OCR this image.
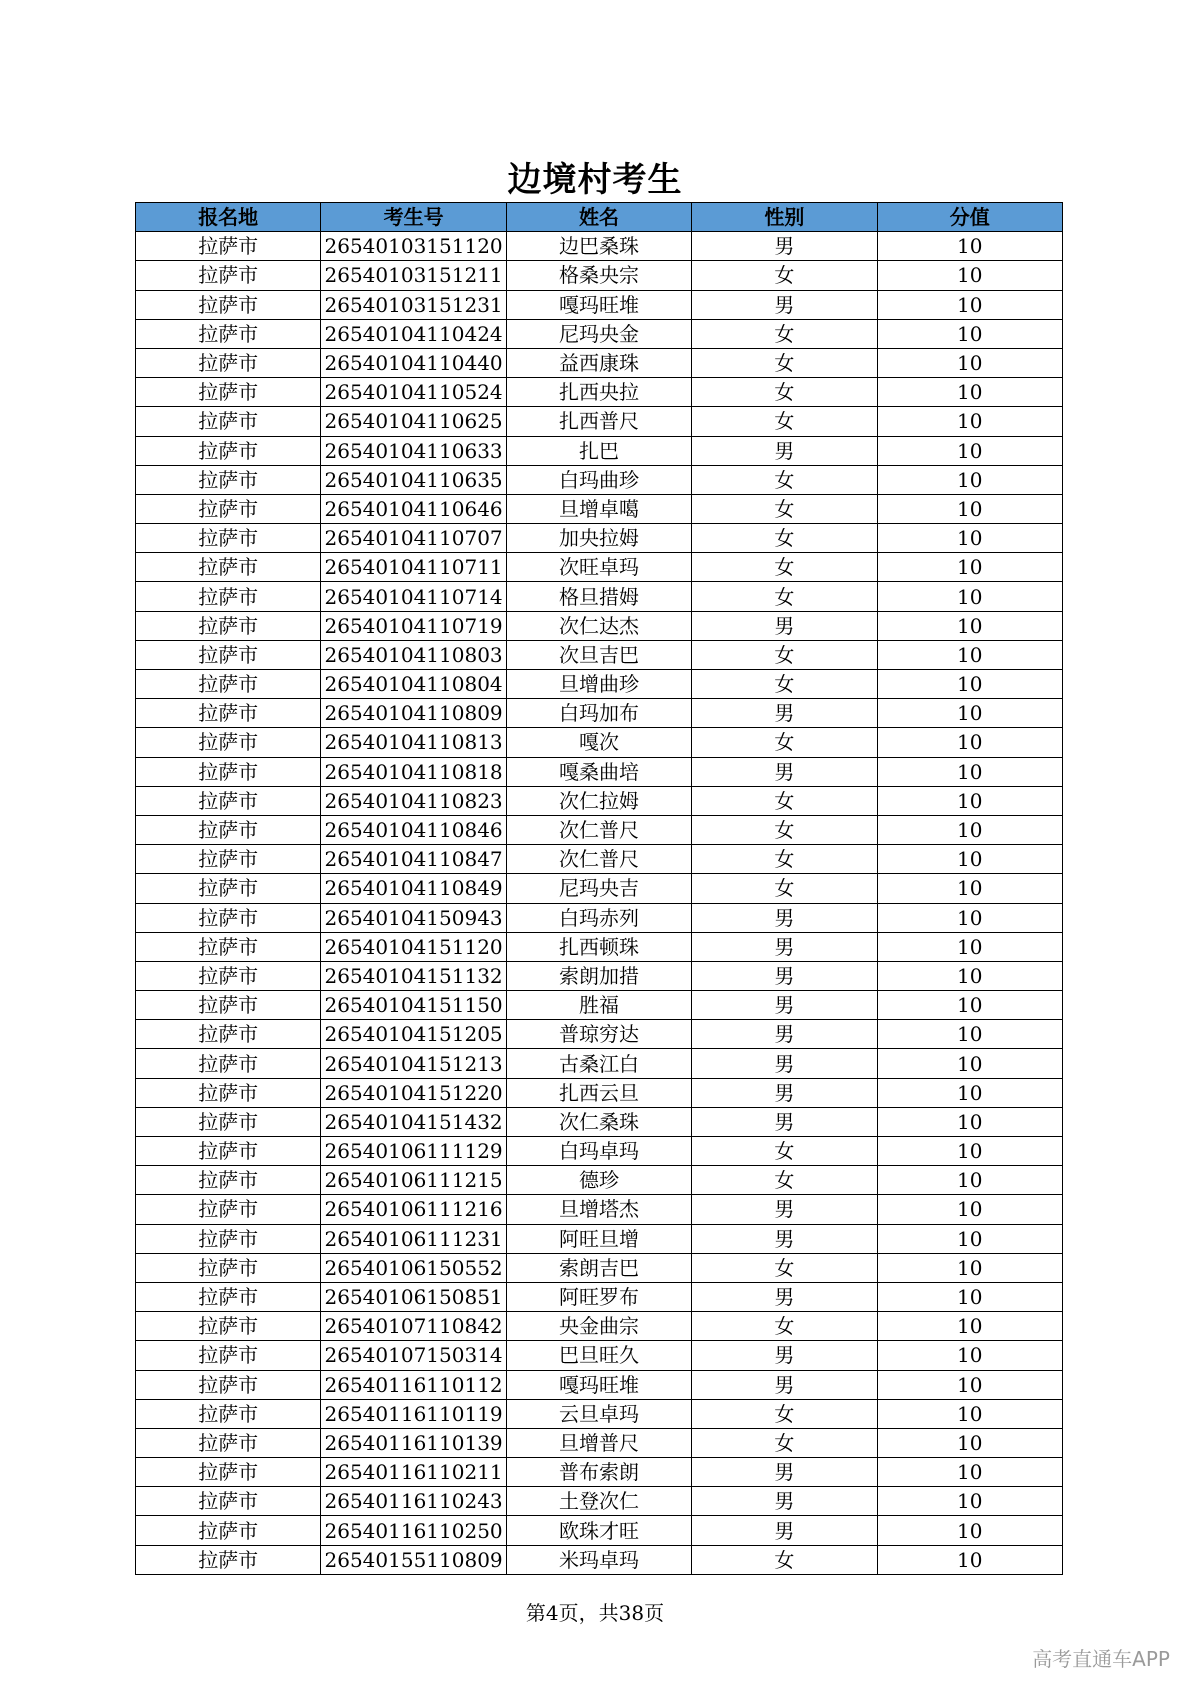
边境村考生
报名地	考生号	姓名	性别	分值
拉萨市	26540103151120	边巴桑珠	男	10
拉萨市	26540103151211	格桑央宗	女	10
拉萨市	26540103151231	嘎玛旺堆	男	10
拉萨市	26540104110424	尼玛央金	女	10
拉萨市	26540104110440	益西康珠	女	10
拉萨市	26540104110524	扎西央拉	女	10
拉萨市	26540104110625	扎西普尺	女	10
拉萨市	26540104110633	扎巴	男	10
拉萨市	26540104110635	白玛曲珍	女	10
拉萨市	26540104110646	旦增卓噶	女	10
拉萨市	26540104110707	加央拉姆	女	10
拉萨市	26540104110711	次旺卓玛	女	10
拉萨市	26540104110714	格旦措姆	女	10
拉萨市	26540104110719	次仁达杰	男	10
拉萨市	26540104110803	次旦吉巴	女	10
拉萨市	26540104110804	旦增曲珍	女	10
拉萨市	26540104110809	白玛加布	男	10
拉萨市	26540104110813	嘎次	女	10
拉萨市	26540104110818	嘎桑曲培	男	10
拉萨市	26540104110823	次仁拉姆	女	10
拉萨市	26540104110846	次仁普尺	女	10
拉萨市	26540104110847	次仁普尺	女	10
拉萨市	26540104110849	尼玛央吉	女	10
拉萨市	26540104150943	白玛赤列	男	10
拉萨市	26540104151120	扎西顿珠	男	10
拉萨市	26540104151132	索朗加措	男	10
拉萨市	26540104151150	胜福	男	10
拉萨市	26540104151205	普琼穷达	男	10
拉萨市	26540104151213	古桑江白	男	10
拉萨市	26540104151220	扎西云旦	男	10
拉萨市	26540104151432	次仁桑珠	男	10
拉萨市	26540106111129	白玛卓玛	女	10
拉萨市	26540106111215	德珍	女	10
拉萨市	26540106111216	旦增塔杰	男	10
拉萨市	26540106111231	阿旺旦增	男	10
拉萨市	26540106150552	索朗吉巴	女	10
拉萨市	26540106150851	阿旺罗布	男	10
拉萨市	26540107110842	央金曲宗	女	10
拉萨市	26540107150314	巴旦旺久	男	10
拉萨市	26540116110112	嘎玛旺堆	男	10
拉萨市	26540116110119	云旦卓玛	女	10
拉萨市	26540116110139	旦增普尺	女	10
拉萨市	26540116110211	普布索朗	男	10
拉萨市	26540116110243	土登次仁	男	10
拉萨市	26540116110250	欧珠才旺	男	10
拉萨市	26540155110809	米玛卓玛	女	10
第4页，共38页
高考直通车APP
